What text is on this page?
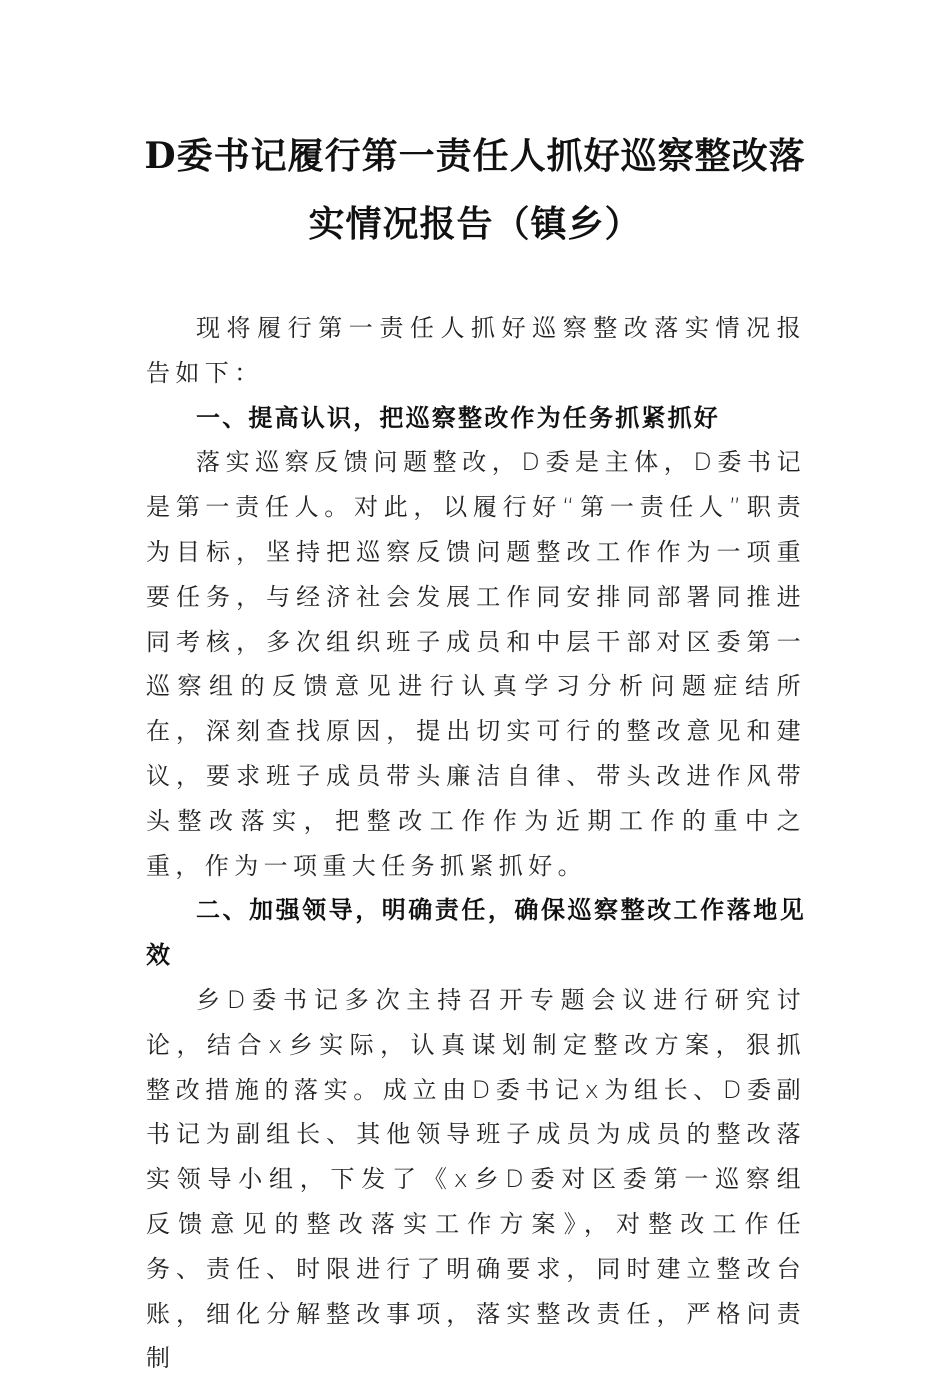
D委书记履行第一责任人抓好巡察整改落
实情况报告（镇乡）

现将履行第一责任人抓好巡察整改落实情况报告如下：

一、提高认识，把巡察整改作为任务抓紧抓好

落实巡察反馈问题整改，D委是主体，D委书记是第一责任人。对此，以履行好“第一责任人”职责为目标，坚持把巡察反馈问题整改工作作为一项重要任务，与经济社会发展工作同安排同部署同推进同考核，多次组织班子成员和中层干部对区委第一巡察组的反馈意见进行认真学习分析问题症结所在，深刻查找原因，提出切实可行的整改意见和建议，要求班子成员带头廉洁自律、带头改进作风带头整改落实，把整改工作作为近期工作的重中之重，作为一项重大任务抓紧抓好。

二、加强领导，明确责任，确保巡察整改工作落地见效

乡D委书记多次主持召开专题会议进行研究讨论，结合x乡实际，认真谋划制定整改方案，狠抓整改措施的落实。成立由D委书记x为组长、D委副书记为副组长、其他领导班子成员为成员的整改落实领导小组，下发了《x乡D委对区委第一巡察组反馈意见的整改落实工作方案》，对整改工作任务、责任、时限进行了明确要求，同时建立整改台账，细化分解整改事项，落实整改责任，严格问责制
